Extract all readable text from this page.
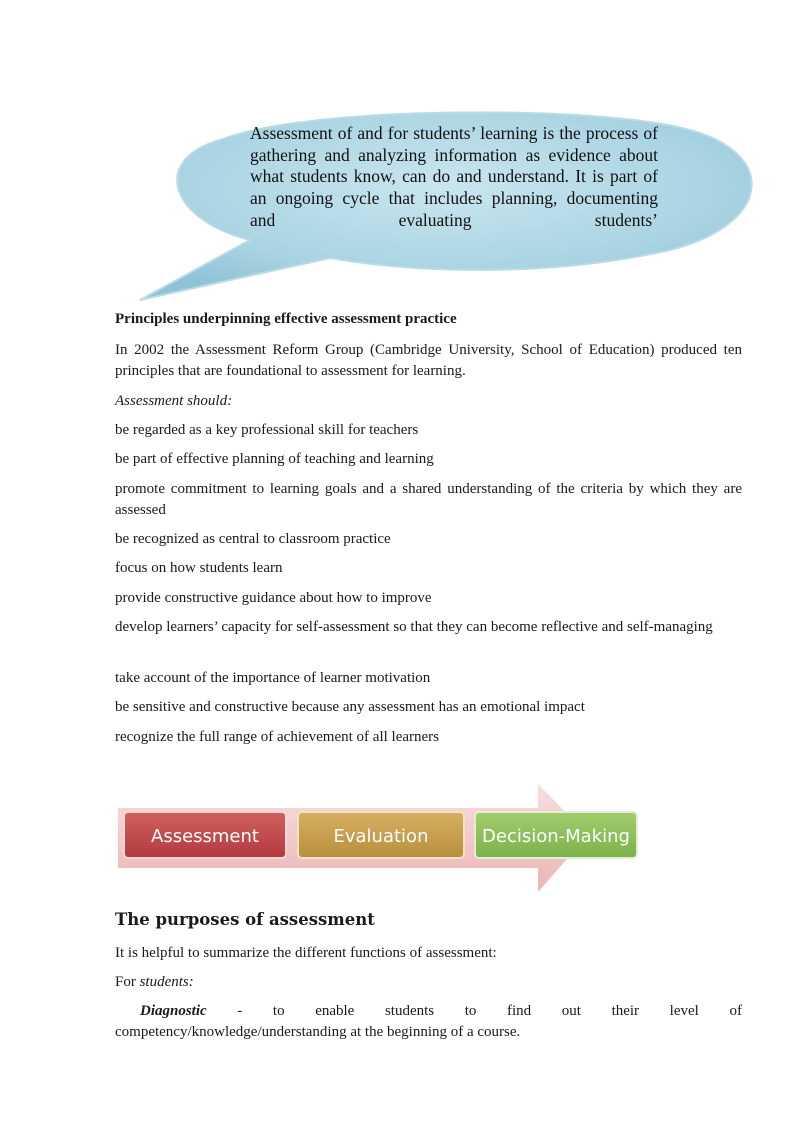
Assessment of and for students’ learning is the process of gathering and analyzing information as evidence about what students know, can do and understand. It is part of an ongoing cycle that includes planning, documenting and evaluating students’
Principles underpinning effective assessment practice
In 2002 the Assessment Reform Group (Cambridge University, School of Education) produced ten principles that are foundational to assessment for learning.
Assessment should:
be regarded as a key professional skill for teachers
be part of effective planning of teaching and learning
promote commitment to learning goals and a shared understanding of the criteria by which they are assessed
be recognized as central to classroom practice
focus on how students learn
provide constructive guidance about how to improve
develop learners’ capacity for self-assessment so that they can become reflective and self-managing
take account of the importance of learner motivation
be sensitive and constructive because any assessment has an emotional impact
recognize the full range of achievement of all learners
Assessment	Evaluation	Decision-Making
The purposes of assessment
It is helpful to summarize the different functions of assessment:
For students:
Diagnostic - to enable students to find out their level of
competency/knowledge/understanding at the beginning of a course.
